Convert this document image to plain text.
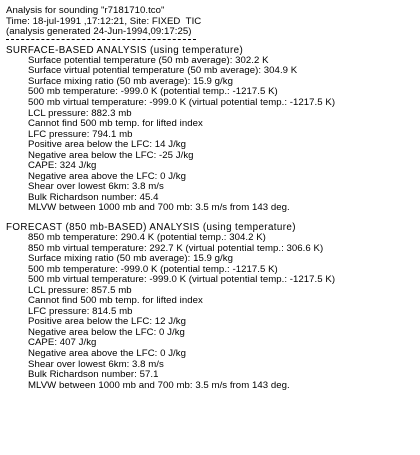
Analysis for sounding "r7181710.tco"
Time: 18-jul-1991 ,17:12:21, Site: FIXED  TIC
(analysis generated 24-Jun-1994,09:17:25)
SURFACE-BASED ANALYSIS (using temperature)
Surface potential temperature (50 mb average): 302.2 K
Surface virtual potential temperature (50 mb average): 304.9 K
Surface mixing ratio (50 mb average): 15.9 g/kg
500 mb temperature: -999.0 K (potential temp.: -1217.5 K)
500 mb virtual temperature: -999.0 K (virtual potential temp.: -1217.5 K)
LCL pressure: 882.3 mb
Cannot find 500 mb temp. for lifted index
LFC pressure: 794.1 mb
Positive area below the LFC: 14 J/kg
Negative area below the LFC: -25 J/kg
CAPE: 324 J/kg
Negative area above the LFC: 0 J/kg
Shear over lowest 6km: 3.8 m/s
Bulk Richardson number: 45.4
MLVW between 1000 mb and 700 mb: 3.5 m/s from 143 deg.
FORECAST (850 mb-BASED) ANALYSIS (using temperature)
850 mb temperature: 290.4 K (potential temp.: 304.2 K)
850 mb virtual temperature: 292.7 K (virtual potential temp.: 306.6 K)
Surface mixing ratio (50 mb average): 15.9 g/kg
500 mb temperature: -999.0 K (potential temp.: -1217.5 K)
500 mb virtual temperature: -999.0 K (virtual potential temp.: -1217.5 K)
LCL pressure: 857.5 mb
Cannot find 500 mb temp. for lifted index
LFC pressure: 814.5 mb
Positive area below the LFC: 12 J/kg
Negative area below the LFC: 0 J/kg
CAPE: 407 J/kg
Negative area above the LFC: 0 J/kg
Shear over lowest 6km: 3.8 m/s
Bulk Richardson number: 57.1
MLVW between 1000 mb and 700 mb: 3.5 m/s from 143 deg.
